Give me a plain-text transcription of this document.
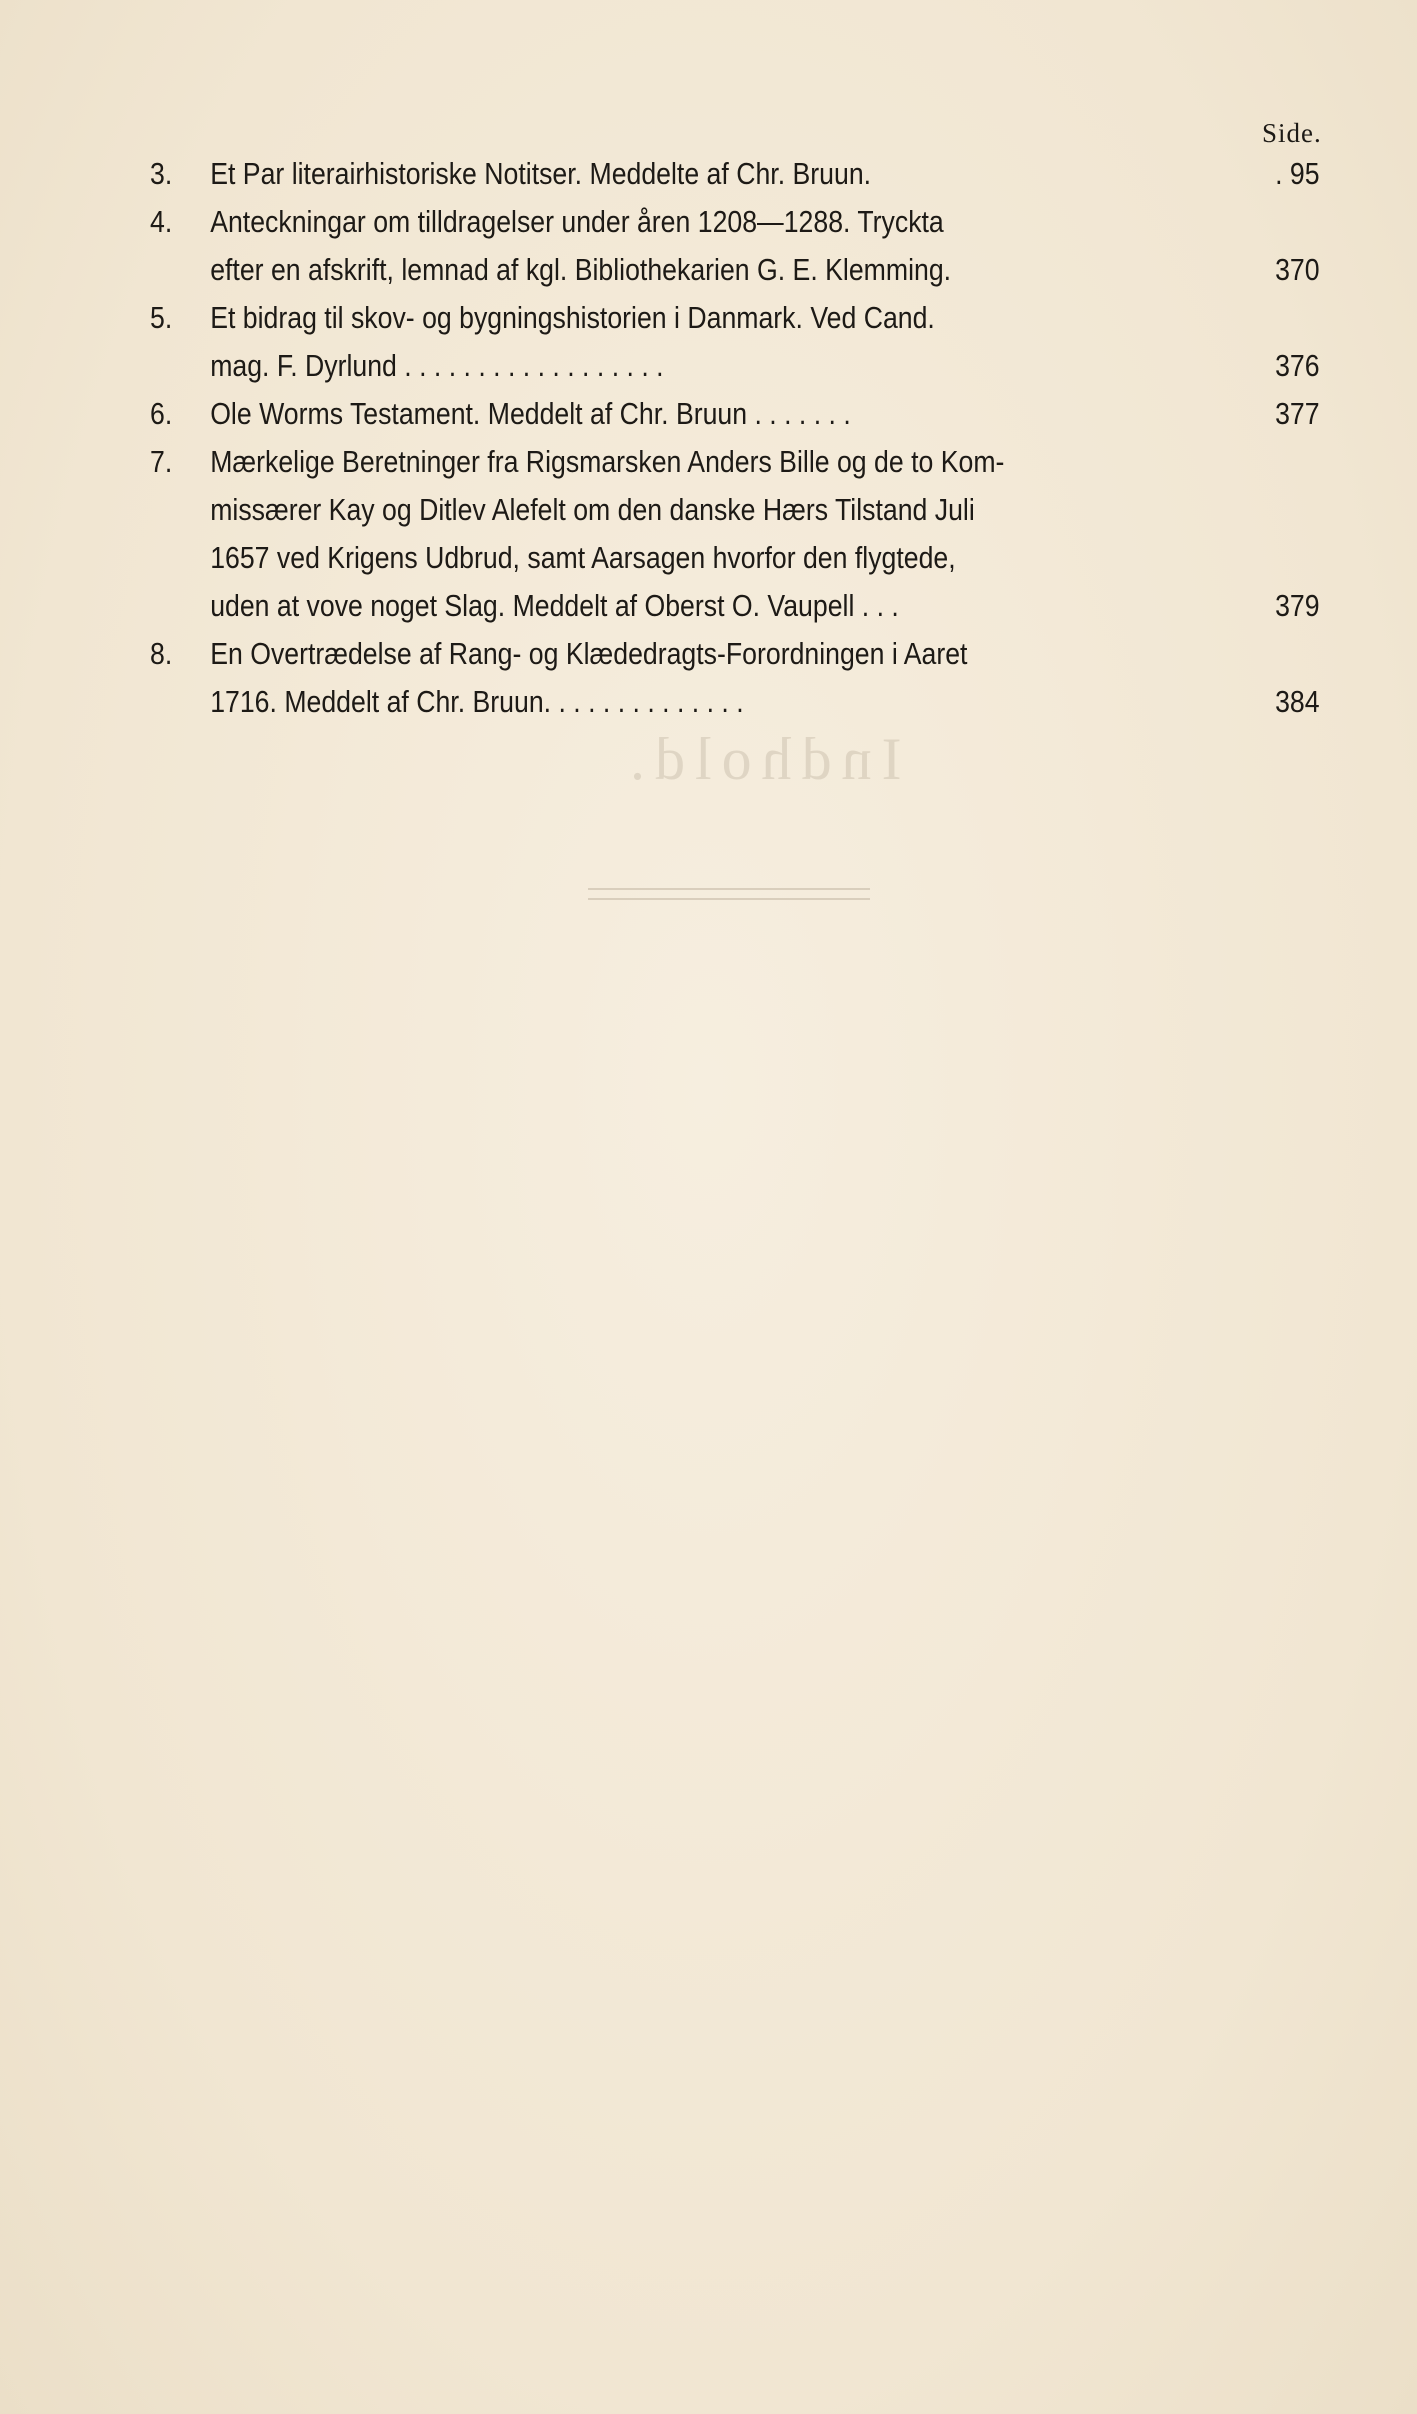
Indhold.
Side.
3.	Et Par literairhistoriske Notitser. Meddelte af Chr. Bruun.	. 95
4.	Anteckningar om tilldragelser under åren 1208—1288. Tryckta
efter en afskrift, lemnad af kgl. Bibliothekarien G. E. Klemming.	370
5.	Et bidrag til skov- og bygningshistorien i Danmark. Ved Cand.
mag. F. Dyrlund . . . . . . . . . . . . . . . . . .	376
6.	Ole Worms Testament. Meddelt af Chr. Bruun . . . . . . .	377
7.	Mærkelige Beretninger fra Rigsmarsken Anders Bille og de to Kom-
missærer Kay og Ditlev Alefelt om den danske Hærs Tilstand Juli
1657 ved Krigens Udbrud, samt Aarsagen hvorfor den flygtede,
uden at vove noget Slag. Meddelt af Oberst O. Vaupell . . .	379
8.	En Overtrædelse af Rang- og Klædedragts-Forordningen i Aaret
1716. Meddelt af Chr. Bruun. . . . . . . . . . . . . .	384
